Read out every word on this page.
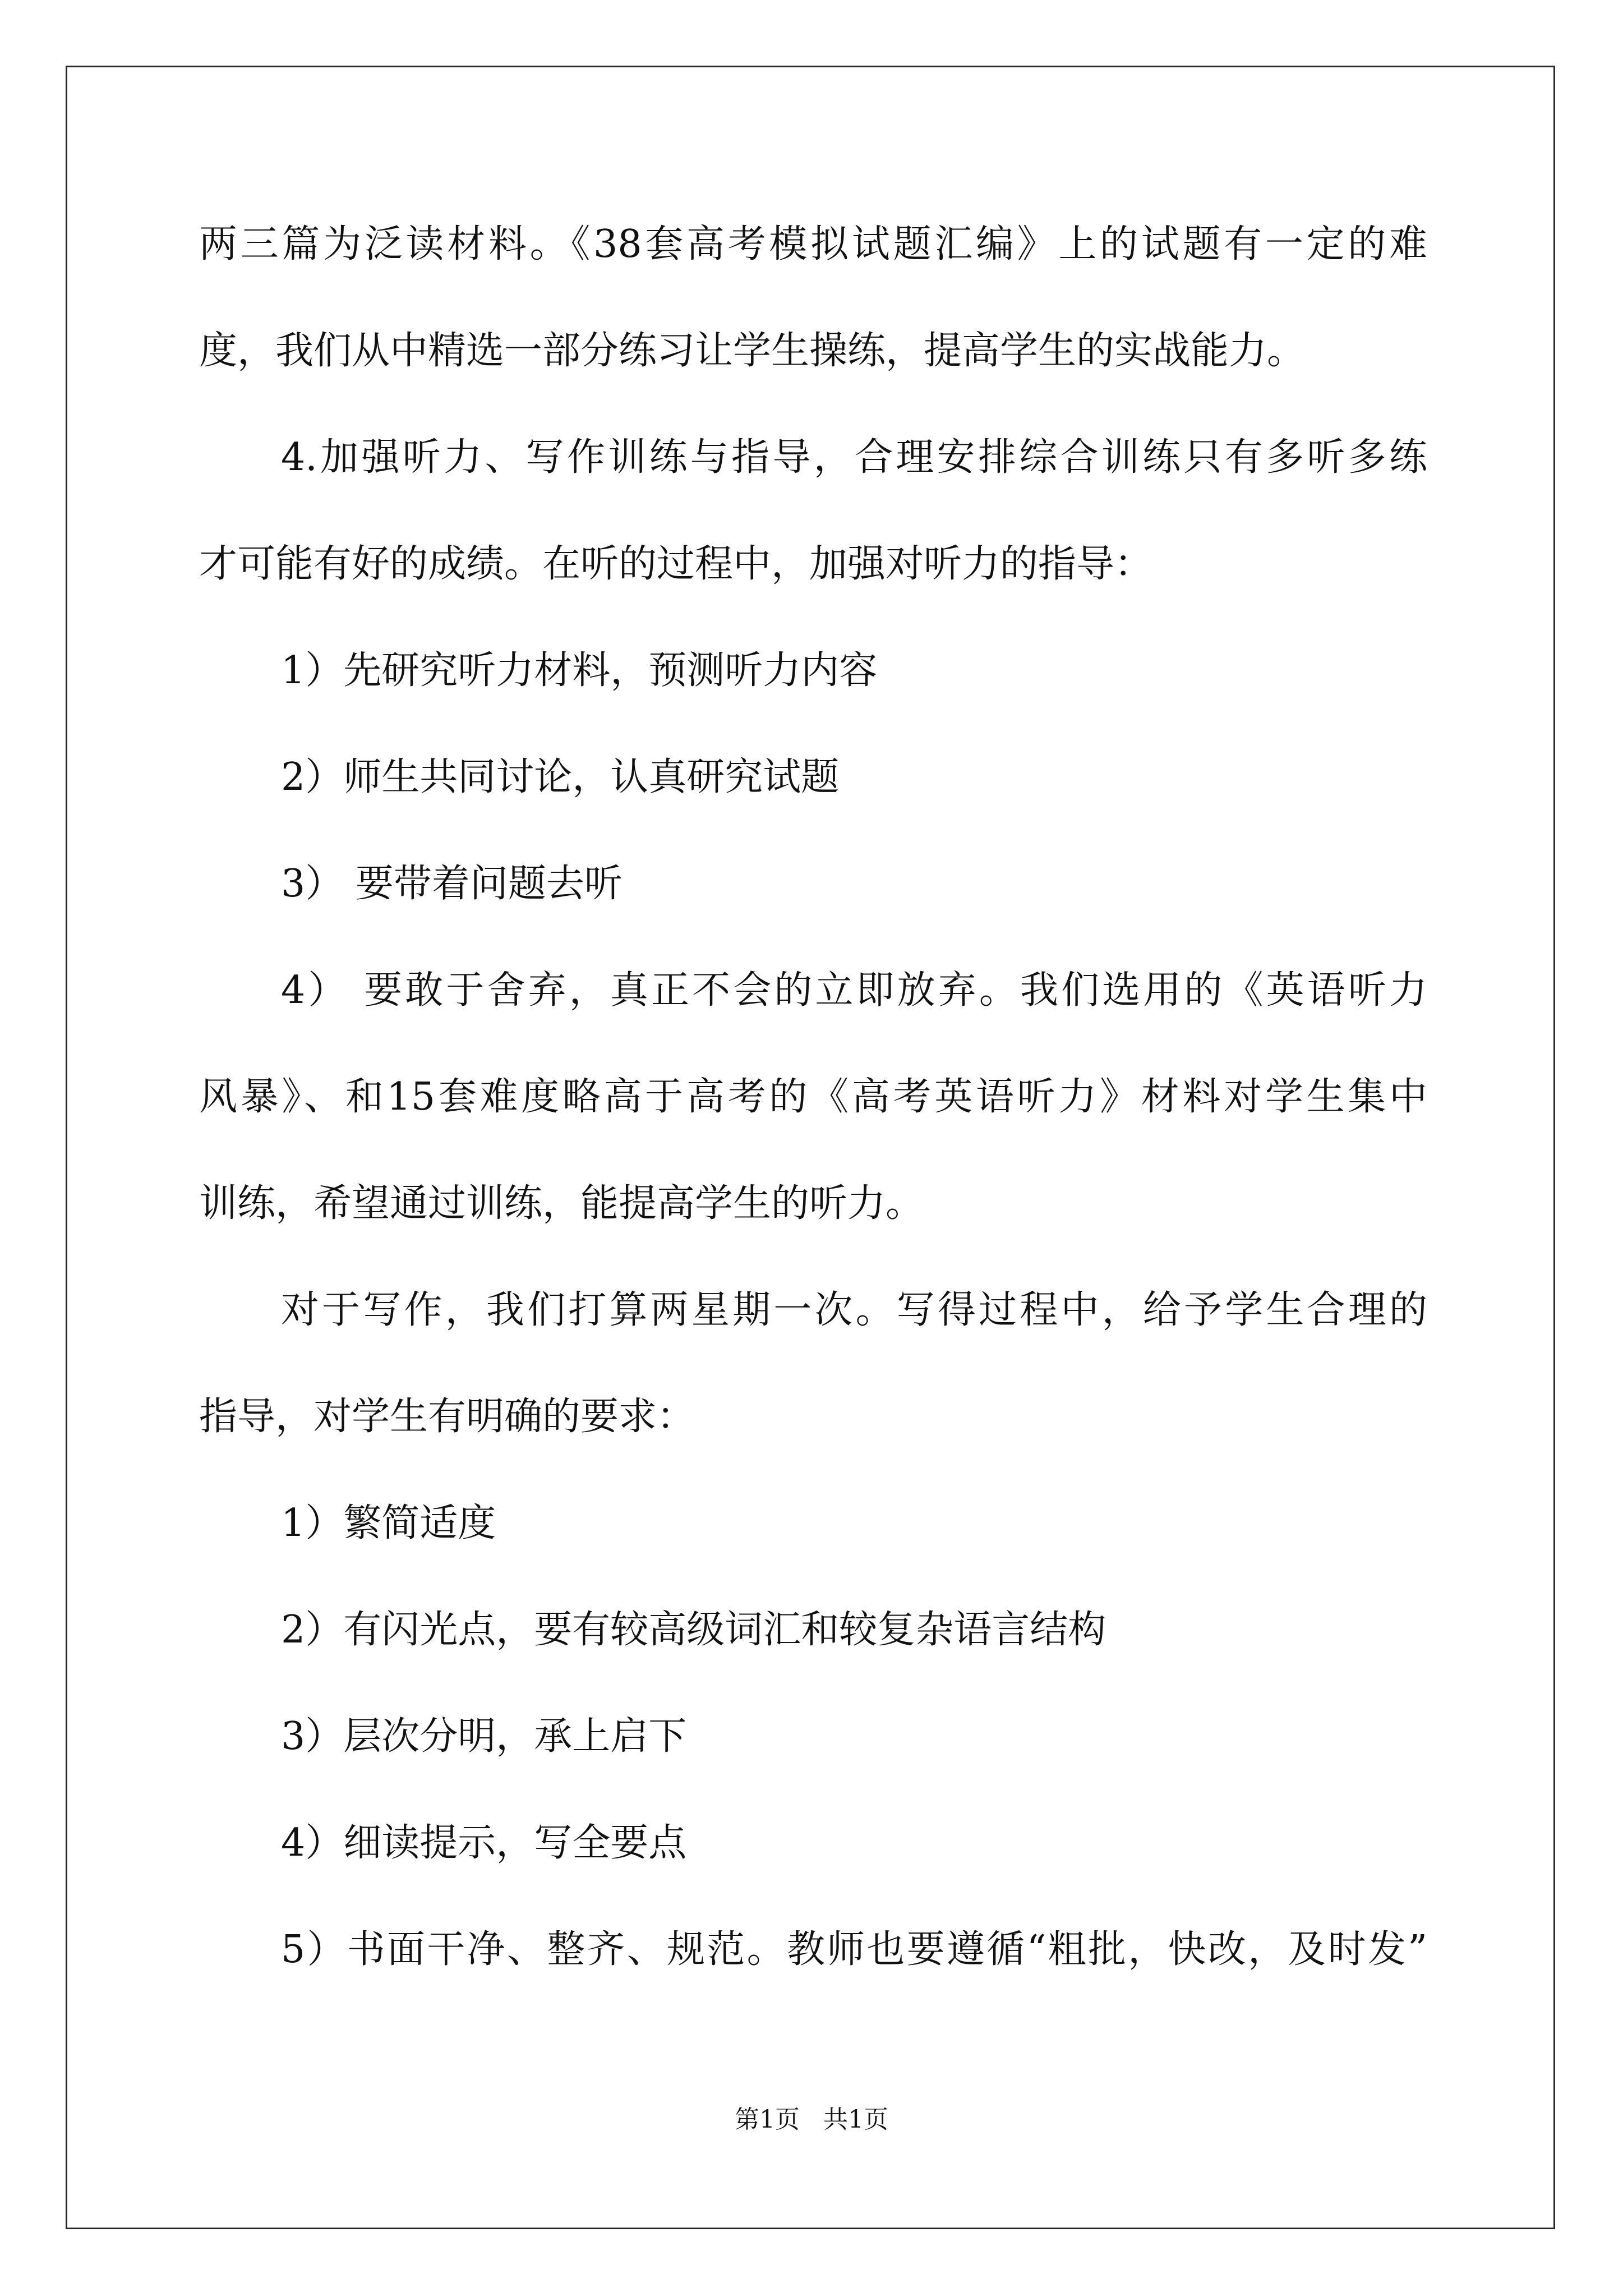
两三篇为泛读材料。《38套高考模拟试题汇编》上的试题有一定的难
度，我们从中精选一部分练习让学生操练，提高学生的实战能力。
4.加强听力、写作训练与指导，合理安排综合训练只有多听多练
才可能有好的成绩。在听的过程中，加强对听力的指导：
1）先研究听力材料，预测听力内容
2）师生共同讨论，认真研究试题
3） 要带着问题去听
4） 要敢于舍弃，真正不会的立即放弃。我们选用的《英语听力
风暴》、和15套难度略高于高考的《高考英语听力》材料对学生集中
训练，希望通过训练，能提高学生的听力。
对于写作，我们打算两星期一次。写得过程中，给予学生合理的
指导，对学生有明确的要求：
1）繁简适度
2）有闪光点，要有较高级词汇和较复杂语言结构
3）层次分明，承上启下
4）细读提示，写全要点
5）书面干净、整齐、规范。教师也要遵循“粗批，快改，及时发”
第1页   共1页
